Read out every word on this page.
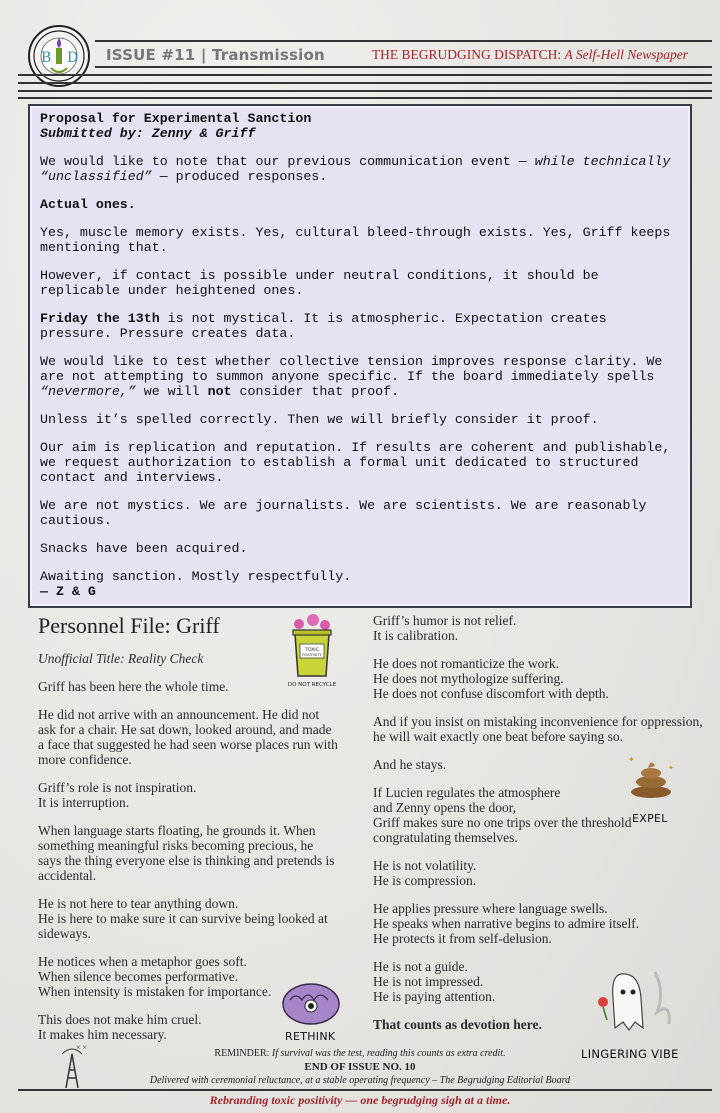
B D ISSUE #11 | Transmission	THE BEGRUDGING DISPATCH: A Self-Hell Newspaper

Proposal for Experimental Sanction

Submitted by: Zenny & Griff

We would like to note that our previous communication event — while technically “unclassified” — produced responses.

Actual ones.

Yes, muscle memory exists. Yes, cultural bleed-through exists. Yes, Griff keeps mentioning that.

However, if contact is possible under neutral conditions, it should be replicable under heightened ones.

Friday the 13th is not mystical. It is atmospheric. Expectation creates pressure. Pressure creates data.

We would like to test whether collective tension improves response clarity. We are not attempting to summon anyone specific. If the board immediately spells “nevermore,” we will not consider that proof.

Unless it’s spelled correctly. Then we will briefly consider it proof.

Our aim is replication and reputation. If results are coherent and publishable, we request authorization to establish a formal unit dedicated to structured contact and interviews.

We are not mystics. We are journalists. We are scientists. We are reasonably cautious.

Snacks have been acquired.

Awaiting sanction. Mostly respectfully.

— Z & G

Personnel File: Griff

Unofficial Title: Reality Check

Griff has been here the whole time.

He did not arrive with an announcement. He did not ask for a chair. He sat down, looked around, and made a face that suggested he had seen worse places run with more confidence.

Griff’s role is not inspiration.
It is interruption.

When language starts floating, he grounds it. When something meaningful risks becoming precious, he says the thing everyone else is thinking and pretends is accidental.

He is not here to tear anything down.
He is here to make sure it can survive being looked at sideways.

He notices when a metaphor goes soft.
When silence becomes performative.
When intensity is mistaken for importance.

This does not make him cruel.
It makes him necessary.

Griff’s humor is not relief.
It is calibration.

He does not romanticize the work.
He does not mythologize suffering.
He does not confuse discomfort with depth.

And if you insist on mistaking inconvenience for oppression, he will wait exactly one beat before saying so.

And he stays.

If Lucien regulates the atmosphere
and Zenny opens the door,
Griff makes sure no one trips over the threshold congratulating themselves.

He is not volatility.
He is compression.

He applies pressure where language swells.
He speaks when narrative begins to admire itself.
He protects it from self-delusion.

He is not a guide.
He is not impressed.
He is paying attention.

That counts as devotion here.

TOXIC
POSITIVITY
DO NOT RECYCLE
✦
✦
EXPEL
RETHINK
LINGERING VIBE
× ×
REMINDER: If survival was the test, reading this counts as extra credit.
END OF ISSUE NO. 10
Delivered with ceremonial reluctance, at a stable operating frequency – The Begrudging Editorial Board
Rebranding toxic positivity — one begrudging sigh at a time.
